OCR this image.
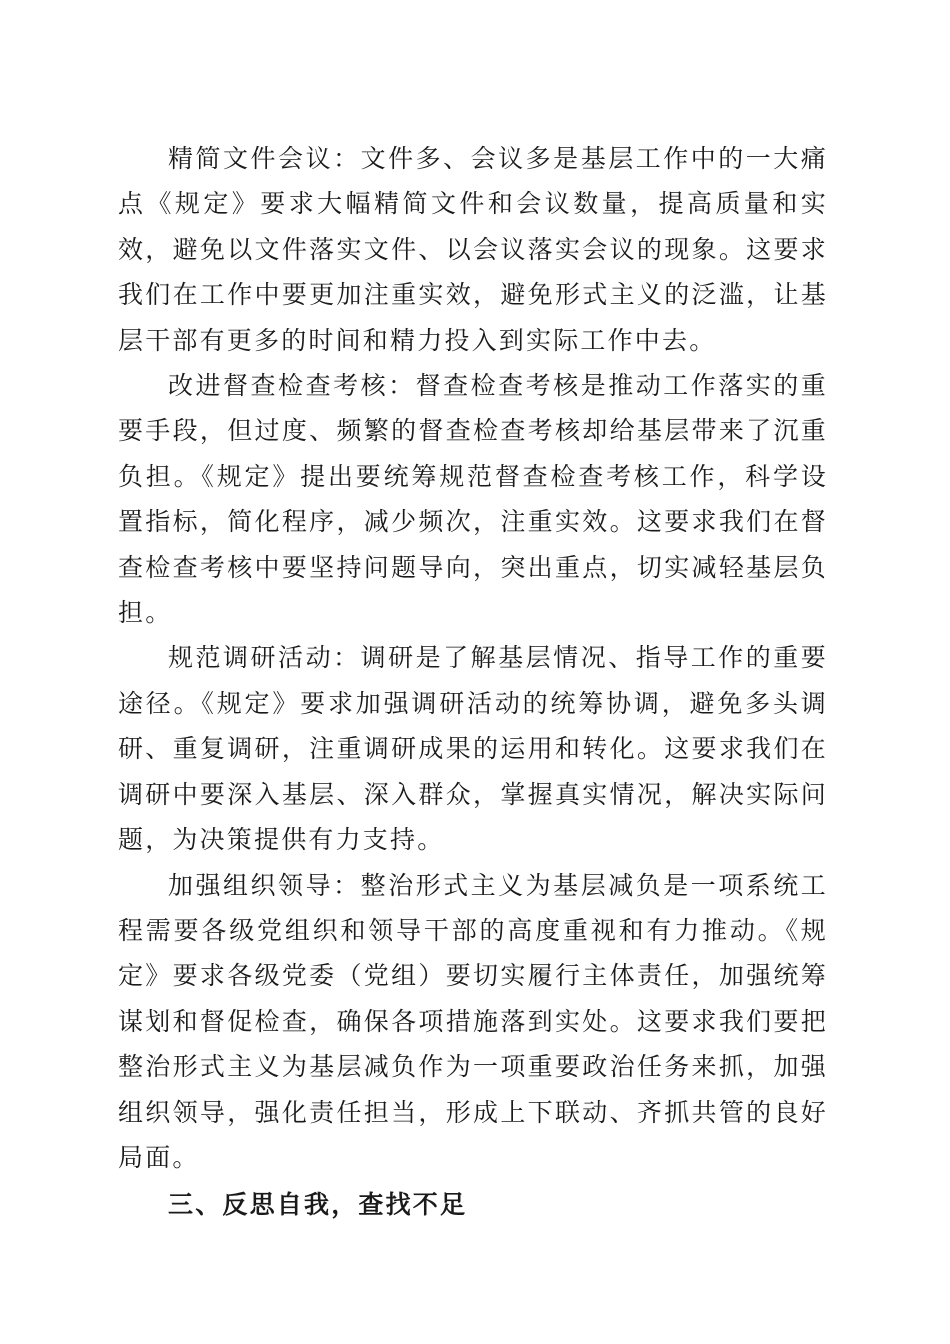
精简文件会议：文件多、会议多是基层工作中的一大痛点《规定》要求大幅精简文件和会议数量，提高质量和实效，避免以文件落实文件、以会议落实会议的现象。这要求我们在工作中要更加注重实效，避免形式主义的泛滥，让基层干部有更多的时间和精力投入到实际工作中去。

改进督查检查考核：督查检查考核是推动工作落实的重要手段，但过度、频繁的督查检查考核却给基层带来了沉重负担。《规定》提出要统筹规范督查检查考核工作，科学设置指标，简化程序，减少频次，注重实效。这要求我们在督查检查考核中要坚持问题导向，突出重点，切实减轻基层负担。

规范调研活动：调研是了解基层情况、指导工作的重要途径。《规定》要求加强调研活动的统筹协调，避免多头调研、重复调研，注重调研成果的运用和转化。这要求我们在调研中要深入基层、深入群众，掌握真实情况，解决实际问题，为决策提供有力支持。

加强组织领导：整治形式主义为基层减负是一项系统工程需要各级党组织和领导干部的高度重视和有力推动。《规定》要求各级党委（党组）要切实履行主体责任，加强统筹谋划和督促检查，确保各项措施落到实处。这要求我们要把整治形式主义为基层减负作为一项重要政治任务来抓，加强组织领导，强化责任担当，形成上下联动、齐抓共管的良好局面。

三、反思自我，查找不足
